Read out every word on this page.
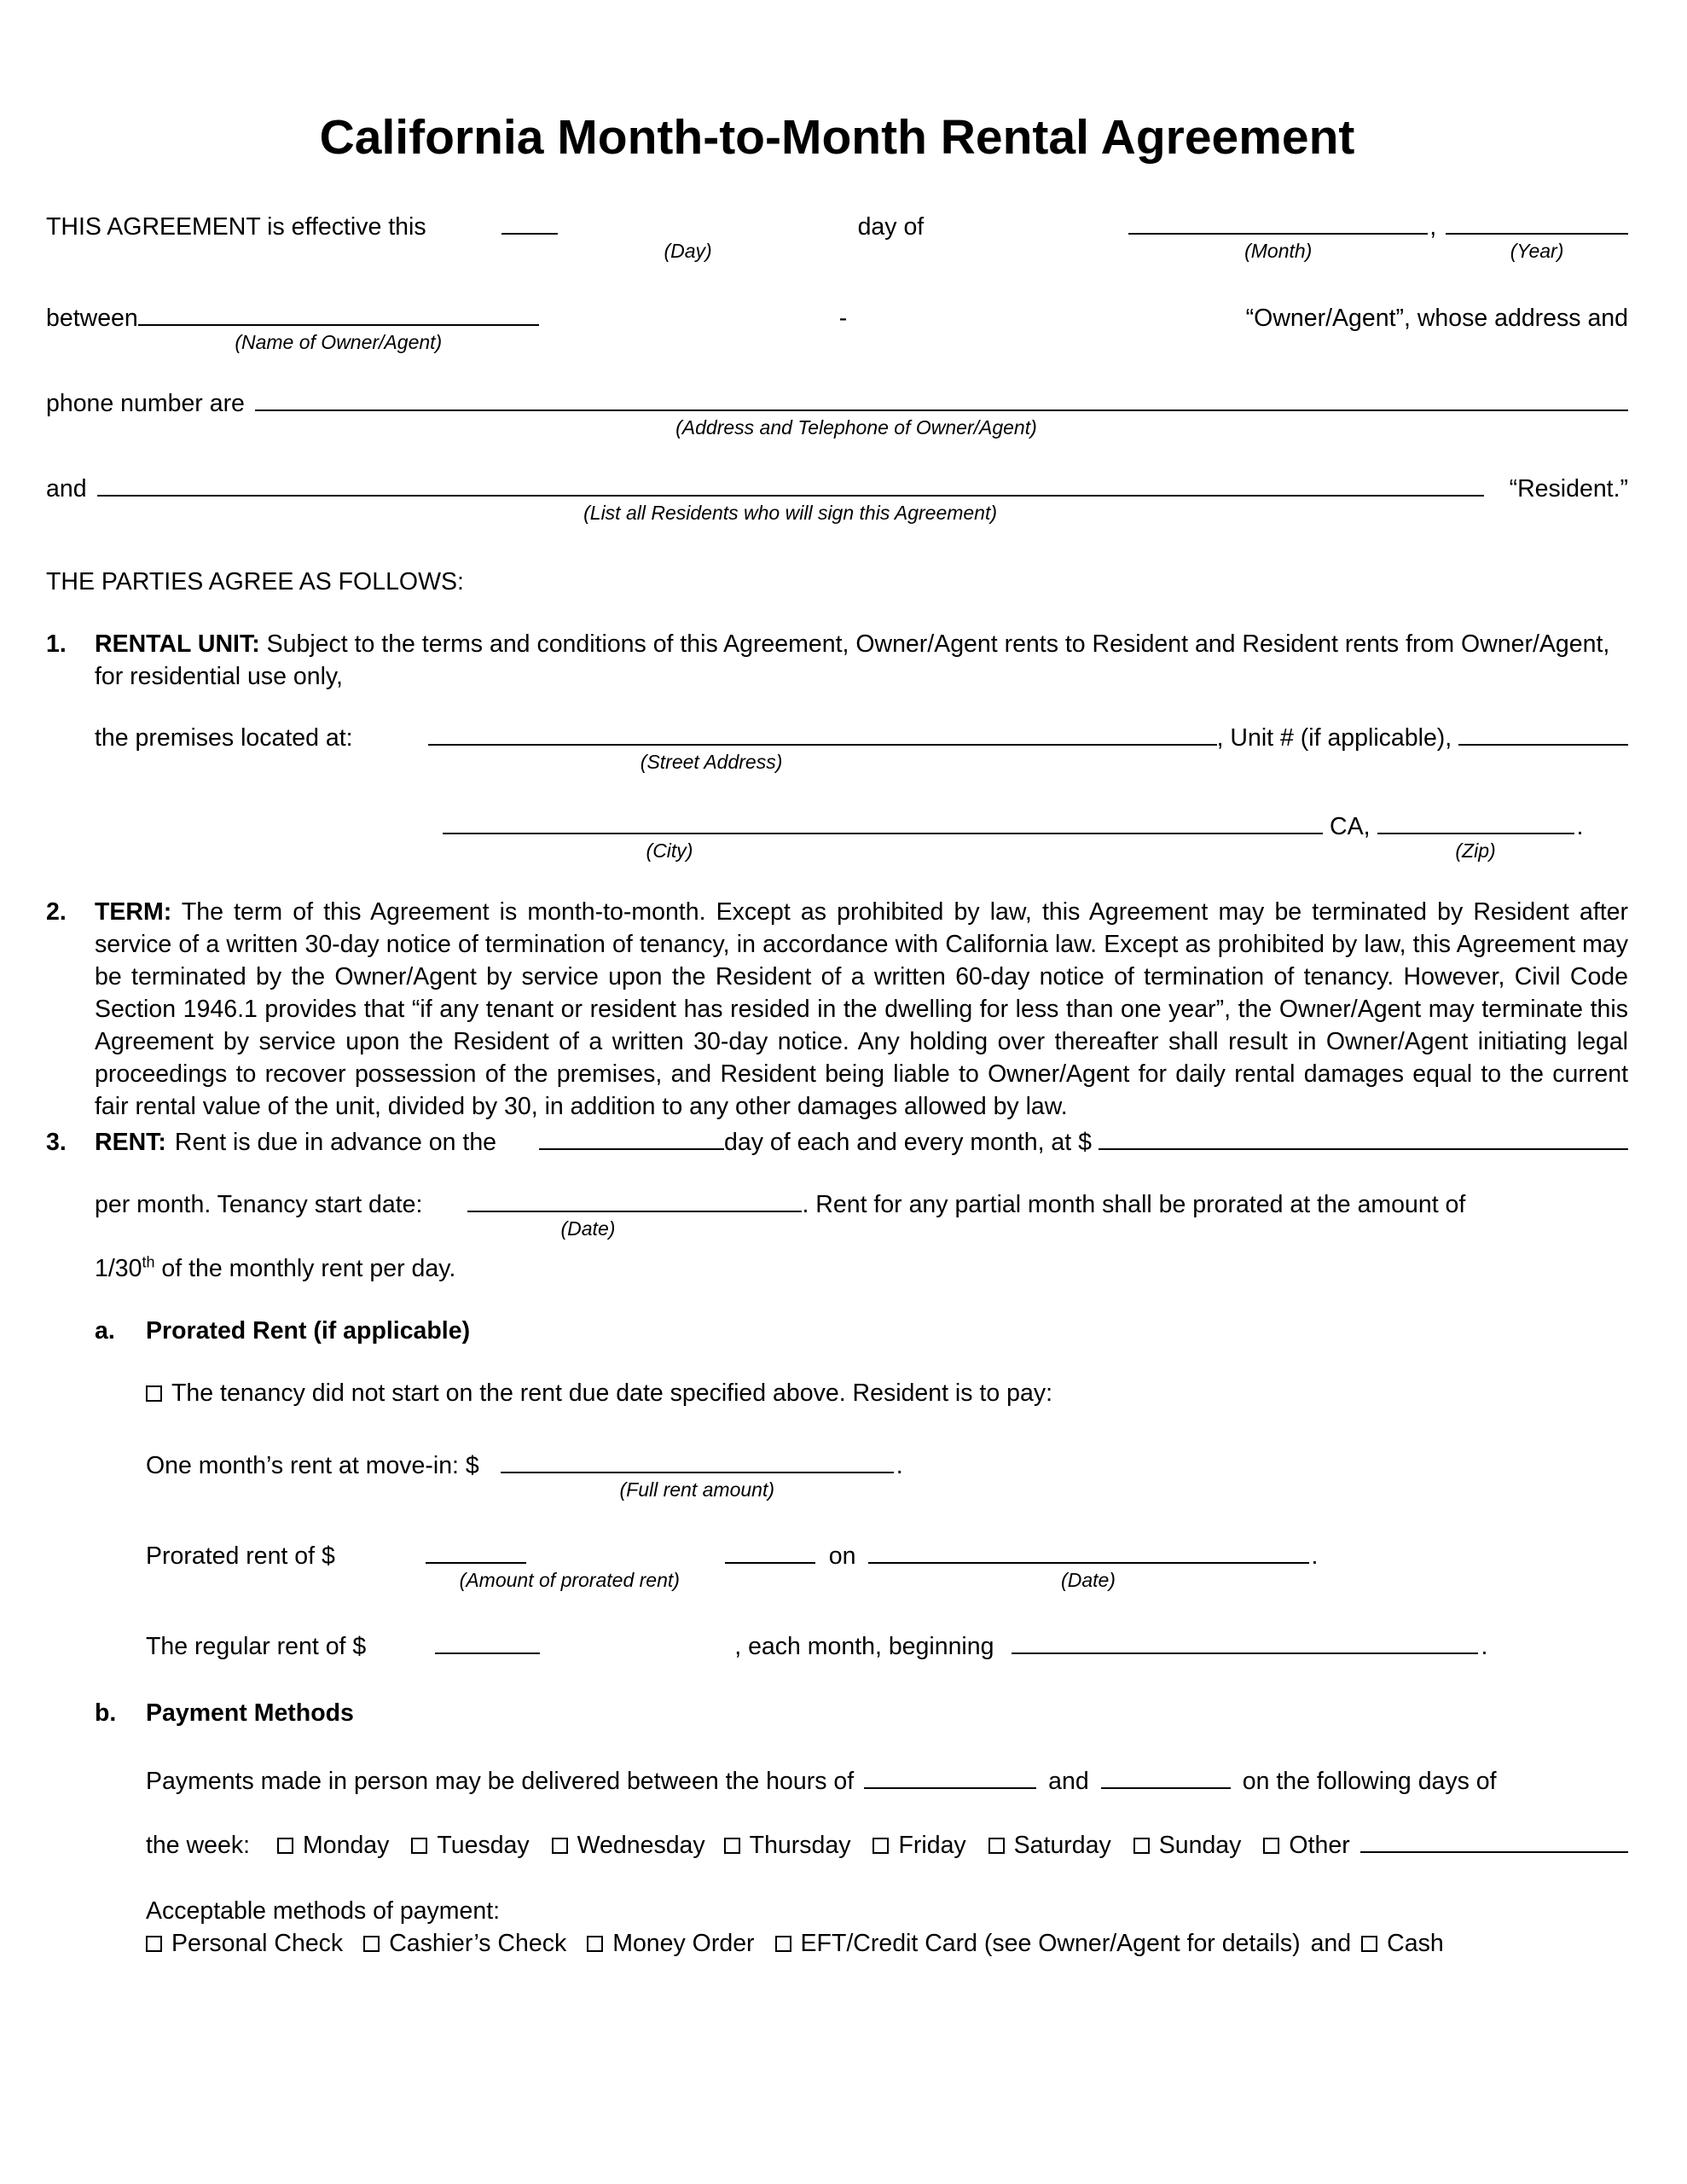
California Month-to-Month Rental Agreement
THIS AGREEMENT is effective this
(Day)
day of
(Month)
,
(Year)
between
(Name of Owner/Agent)
-	“Owner/Agent”, whose address and
phone number are
(Address and Telephone of Owner/Agent)
and
(List all Residents who will sign this Agreement)
“Resident.”
THE PARTIES AGREE AS FOLLOWS:
1.	RENTAL UNIT: Subject to the terms and conditions of this Agreement, Owner/Agent rents to Resident and Resident rents from Owner/Agent, for residential use only,
the premises located at:
(Street Address)
, Unit # (if applicable),
(City)
CA,
(Zip)
.
2.	TERM: The term of this Agreement is month-to-month. Except as prohibited by law, this Agreement may be terminated by Resident after service of a written 30-day notice of termination of tenancy, in accordance with California law. Except as prohibited by law, this Agreement may be terminated by the Owner/Agent by service upon the Resident of a written 60-day notice of termination of tenancy. However, Civil Code Section 1946.1 provides that “if any tenant or resident has resided in the dwelling for less than one year”, the Owner/Agent may terminate this Agreement by service upon the Resident of a written 30-day notice. Any holding over thereafter shall result in Owner/Agent initiating legal proceedings to recover possession of the premises, and Resident being liable to Owner/Agent for daily rental damages equal to the current fair rental value of the unit, divided by 30, in addition to any other damages allowed by law.
3.	RENT: Rent is due in advance on the	day of each and every month, at $
per month. Tenancy start date:
(Date)
. Rent for any partial month shall be prorated at the amount of
1/30th of the monthly rent per day.
a.	Prorated Rent (if applicable)
The tenancy did not start on the rent due date specified above. Resident is to pay:
One month’s rent at move-in: $
(Full rent amount)
.
Prorated rent of $
(Amount of prorated rent)
on
(Date)
.
The regular rent of $	, each month, beginning	.
b.	Payment Methods
Payments made in person may be delivered between the hours of	and	on the following days of
the week:	Monday	Tuesday	Wednesday	Thursday	Friday	Saturday	Sunday	Other
Acceptable methods of payment:
Personal Check	Cashier’s Check	Money Order	EFT/Credit Card (see Owner/Agent for details) and	Cash
